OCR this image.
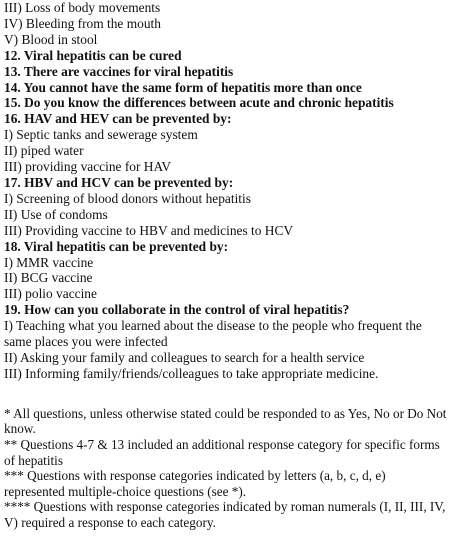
III) Loss of body movements
IV) Bleeding from the mouth
V) Blood in stool
12. Viral hepatitis can be cured
13. There are vaccines for viral hepatitis
14. You cannot have the same form of hepatitis more than once
15. Do you know the differences between acute and chronic hepatitis
16. HAV and HEV can be prevented by:
I) Septic tanks and sewerage system
II) piped water
III) providing vaccine for HAV
17. HBV and HCV can be prevented by:
I) Screening of blood donors without hepatitis
II) Use of condoms
III) Providing vaccine to HBV and medicines to HCV
18. Viral hepatitis can be prevented by:
I) MMR vaccine
II) BCG vaccine
III) polio vaccine
19. How can you collaborate in the control of viral hepatitis?
I) Teaching what you learned about the disease to the people who frequent the same places you were infected
II) Asking your family and colleagues to search for a health service
III) Informing family/friends/colleagues to take appropriate medicine.
* All questions, unless otherwise stated could be responded to as Yes, No or Do Not know.
** Questions 4-7 & 13 included an additional response category for specific forms of hepatitis
*** Questions with response categories indicated by letters (a, b, c, d, e) represented multiple-choice questions (see *).
**** Questions with response categories indicated by roman numerals (I, II, III, IV, V) required a response to each category.
